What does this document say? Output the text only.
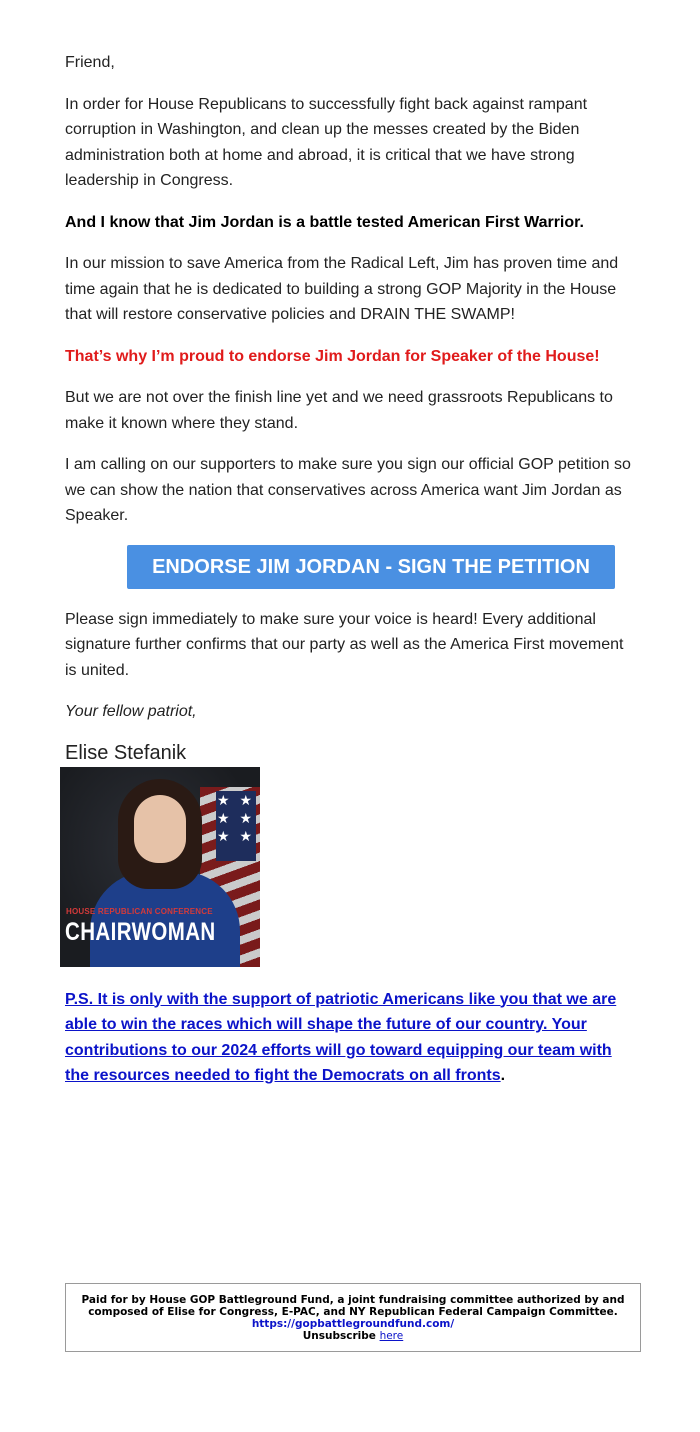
Friend,

In order for House Republicans to successfully fight back against rampant corruption in Washington, and clean up the messes created by the Biden administration both at home and abroad, it is critical that we have strong leadership in Congress.

And I know that Jim Jordan is a battle tested American First Warrior.

In our mission to save America from the Radical Left, Jim has proven time and time again that he is dedicated to building a strong GOP Majority in the House that will restore conservative policies and DRAIN THE SWAMP!

That’s why I’m proud to endorse Jim Jordan for Speaker of the House!

But we are not over the finish line yet and we need grassroots Republicans to make it known where they stand.

I am calling on our supporters to make sure you sign our official GOP petition so we can show the nation that conservatives across America want Jim Jordan as Speaker.

ENDORSE JIM JORDAN - SIGN THE PETITION

Please sign immediately to make sure your voice is heard! Every additional signature further confirms that our party as well as the America First movement is united.

Your fellow patriot,

Elise Stefanik

★ ★ ★ ★ ★ ★
HOUSE REPUBLICAN CONFERENCE
CHAIRWOMAN

P.S. It is only with the support of patriotic Americans like you that we are able to win the races which will shape the future of our country. Your contributions to our 2024 efforts will go toward equipping our team with the resources needed to fight the Democrats on all fronts.

Paid for by House GOP Battleground Fund, a joint fundraising committee authorized by and composed of Elise for Congress, E-PAC, and NY Republican Federal Campaign Committee.
https://gopbattlegroundfund.com/
Unsubscribe here
